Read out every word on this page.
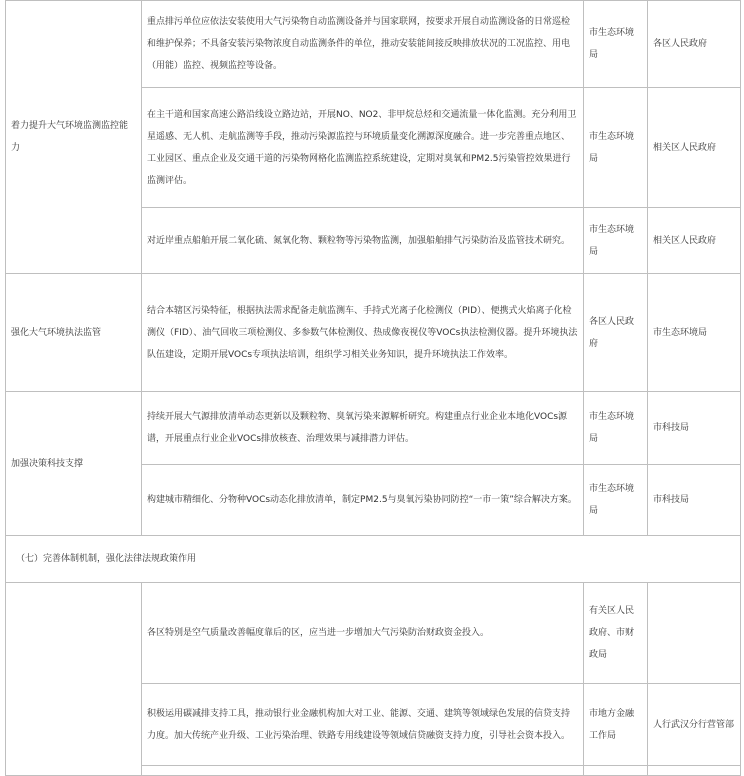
着力提升大气环境监测监控能力	重点排污单位应依法安装使用大气污染物自动监测设备并与国家联网，按要求开展自动监测设备的日常巡检和维护保养；不具备安装污染物浓度自动监测条件的单位，推动安装能间接反映排放状况的工况监控、用电（用能）监控、视频监控等设备。	市生态环境局	各区人民政府
	在主干道和国家高速公路沿线设立路边站，开展NO、NO2、非甲烷总烃和交通流量一体化监测。充分利用卫星遥感、无人机、走航监测等手段，推动污染源监控与环境质量变化溯源深度融合。进一步完善重点地区、工业园区、重点企业及交通干道的污染物网格化监测监控系统建设，定期对臭氧和PM2.5污染管控效果进行监测评估。	市生态环境局	相关区人民政府
	对近岸重点船舶开展二氧化硫、氮氧化物、颗粒物等污染物监测，加强船舶排气污染防治及监管技术研究。	市生态环境局	相关区人民政府
强化大气环境执法监管	结合本辖区污染特征，根据执法需求配备走航监测车、手持式光离子化检测仪（PID）、便携式火焰离子化检测仪（FID）、油气回收三项检测仪、多参数气体检测仪、热成像夜视仪等VOCs执法检测仪器。提升环境执法队伍建设，定期开展VOCs专项执法培训，组织学习相关业务知识，提升环境执法工作效率。	各区人民政府	市生态环境局
加强决策科技支撑	持续开展大气源排放清单动态更新以及颗粒物、臭氧污染来源解析研究。构建重点行业企业本地化VOCs源谱，开展重点行业企业VOCs排放核查、治理效果与减排潜力评估。	市生态环境局	市科技局
	构建城市精细化、分物种VOCs动态化排放清单，制定PM2.5与臭氧污染协同防控“一市一策”综合解决方案。	市生态环境局	市科技局
（七）完善体制机制，强化法律法规政策作用			
	各区特别是空气质量改善幅度靠后的区，应当进一步增加大气污染防治财政资金投入。	有关区人民政府、市财政局	
	积极运用碳减排支持工具，推动银行业金融机构加大对工业、能源、交通、建筑等领域绿色发展的信贷支持力度。加大传统产业升级、工业污染治理、铁路专用线建设等领域信贷融资支持力度，引导社会资本投入。	市地方金融工作局	人行武汉分行营管部
